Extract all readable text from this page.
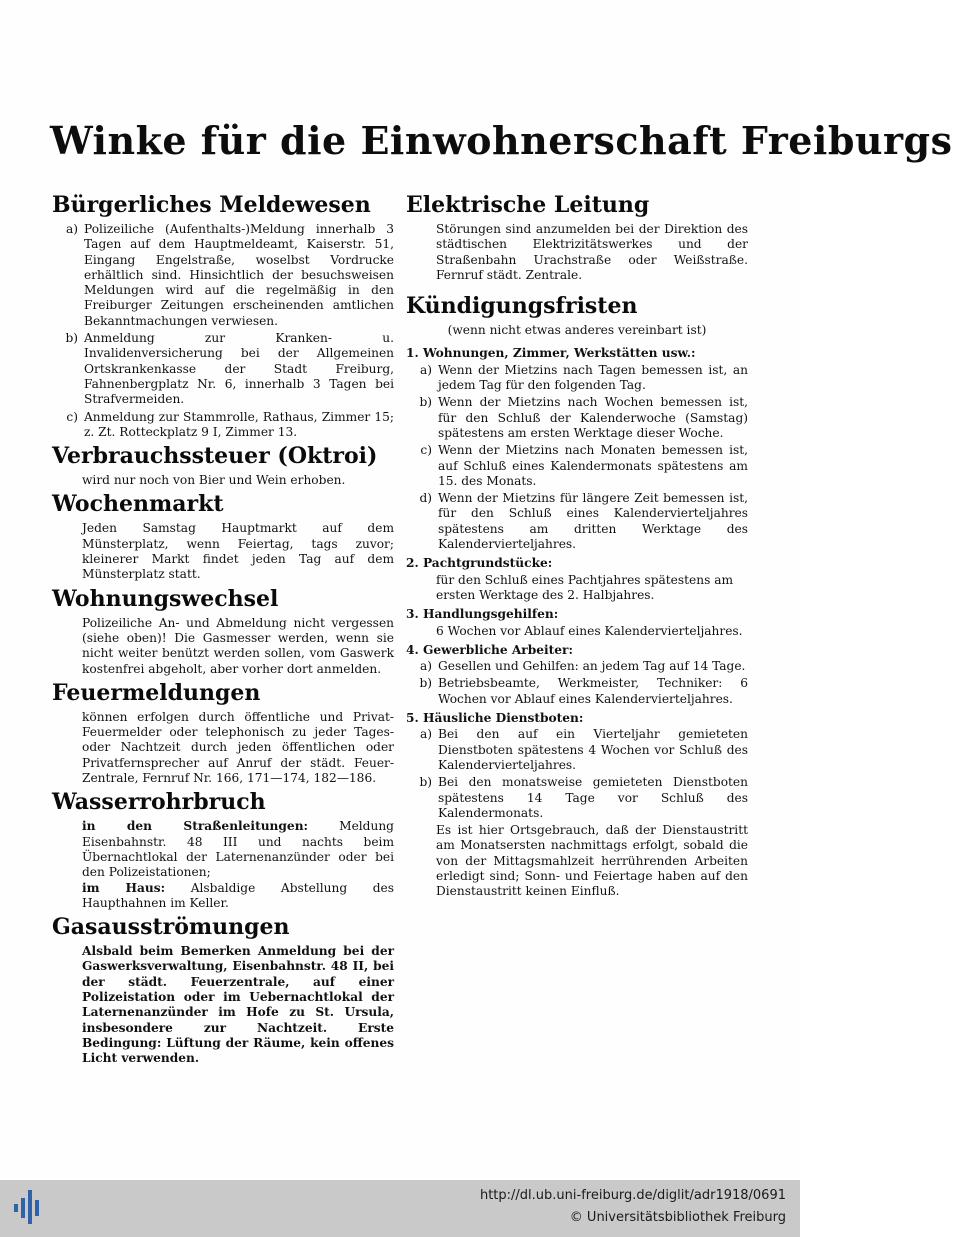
Winke für die Einwohnerschaft Freiburgs
Bürgerliches Meldewesen
a) Polizeiliche (Aufenthalts-)Meldung innerhalb 3 Tagen auf dem Hauptmeldeamt, Kaiserstr. 51, Eingang Engelstraße, woselbst Vordrucke erhältlich sind. Hinsichtlich der besuchsweisen Meldungen wird auf die regelmäßig in den Freiburger Zeitungen erscheinenden amtlichen Bekanntmachungen verwiesen.
b) Anmeldung zur Kranken- u. Invalidenversicherung bei der Allgemeinen Ortskrankenkasse der Stadt Freiburg, Fahnenbergplatz Nr. 6, innerhalb 3 Tagen bei Strafvermeiden.
c) Anmeldung zur Stammrolle, Rathaus, Zimmer 15; z. Zt. Rotteckplatz 9 I, Zimmer 13.
Verbrauchssteuer (Oktroi)
wird nur noch von Bier und Wein erhoben.
Wochenmarkt
Jeden Samstag Hauptmarkt auf dem Münsterplatz, wenn Feiertag, tags zuvor; kleinerer Markt findet jeden Tag auf dem Münsterplatz statt.
Wohnungswechsel
Polizeiliche An- und Abmeldung nicht vergessen (siehe oben)! Die Gasmesser werden, wenn sie nicht weiter benützt werden sollen, vom Gaswerk kostenfrei abgeholt, aber vorher dort anmelden.
Feuermeldungen
können erfolgen durch öffentliche und Privat-Feuermelder oder telephonisch zu jeder Tages- oder Nachtzeit durch jeden öffentlichen oder Privatfernsprecher auf Anruf der städt. Feuer-Zentrale, Fernruf Nr. 166, 171—174, 182—186.
Wasserrohrbruch
in den Straßenleitungen:	Meldung Eisenbahnstr. 48 III und nachts beim Übernachtlokal der Laternenanzünder oder bei den Polizeistationen;
im Haus: Alsbaldige Abstellung des Haupthahnen im Keller.
Gasausströmungen
Alsbald beim Bemerken Anmeldung bei der Gaswerksverwaltung, Eisenbahnstr. 48 II, bei der städt. Feuerzentrale, auf einer Polizeistation oder im Uebernachtlokal der Laternenanzünder im Hofe zu St. Ursula, insbesondere zur Nachtzeit. Erste Bedingung: Lüftung der Räume, kein offenes Licht verwenden.
Elektrische Leitung
Störungen sind anzumelden bei der Direktion des städtischen Elektrizitätswerkes und der Straßenbahn Urachstraße oder Weißstraße. Fernruf städt. Zentrale.
Kündigungsfristen
(wenn nicht etwas anderes vereinbart ist)
1. Wohnungen, Zimmer, Werkstätten usw.:
a) Wenn der Mietzins nach Tagen bemessen ist, an jedem Tag für den folgenden Tag.
b) Wenn der Mietzins nach Wochen bemessen ist, für den Schluß der Kalenderwoche (Samstag) spätestens am ersten Werktage dieser Woche.
c) Wenn der Mietzins nach Monaten bemessen ist, auf Schluß eines Kalendermonats spätestens am 15. des Monats.
d) Wenn der Mietzins für längere Zeit bemessen ist, für den Schluß eines Kalendervierteljahres spätestens am dritten Werktage des Kalendervierteljahres.
2. Pachtgrundstücke:
für den Schluß eines Pachtjahres spätestens am ersten Werktage des 2. Halbjahres.
3. Handlungsgehilfen:
6 Wochen vor Ablauf eines Kalendervierteljahres.
4. Gewerbliche Arbeiter:
a) Gesellen und Gehilfen: an jedem Tag auf 14 Tage.
b) Betriebsbeamte, Werkmeister, Techniker: 6 Wochen vor Ablauf eines Kalendervierteljahres.
5. Häusliche Dienstboten:
a) Bei den auf ein Vierteljahr gemieteten Dienstboten spätestens 4 Wochen vor Schluß des Kalendervierteljahres.
b) Bei den monatsweise gemieteten Dienstboten spätestens 14 Tage vor Schluß des Kalendermonats.
Es ist hier Ortsgebrauch, daß der Dienstaustritt am Monatsersten nachmittags erfolgt, sobald die von der Mittagsmahlzeit herrührenden Arbeiten erledigt sind; Sonn- und Feiertage haben auf den Dienstaustritt keinen Einfluß.
http://dl.ub.uni-freiburg.de/diglit/adr1918/0691
© Universitätsbibliothek Freiburg
